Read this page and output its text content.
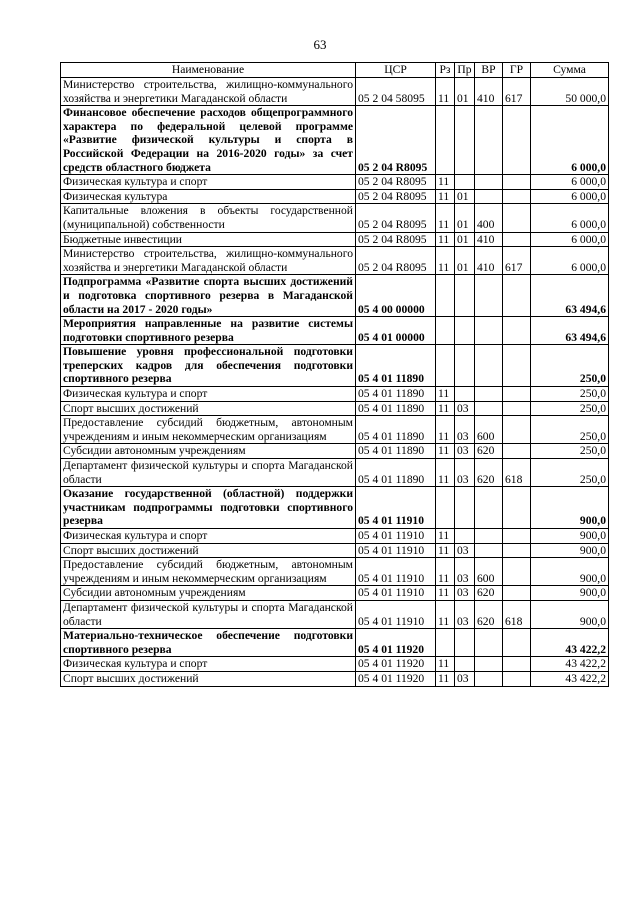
63
Наименование	ЦСР	Рз	Пр	ВР	ГР	Сумма
Министерство строительства, жилищно-коммунального хозяйства и энергетики Магаданской области	05 2 04 58095	11	01	410	617	50 000,0
Финансовое обеспечение расходов общепрограммного характера по федеральной целевой программе «Развитие физической культуры и спорта в Российской Федерации на 2016-2020 годы» за счет средств областного бюджета	05 2 04 R8095					6 000,0
Физическая культура и спорт	05 2 04 R8095	11				6 000,0
Физическая культура	05 2 04 R8095	11	01			6 000,0
Капитальные вложения в объекты государственной (муниципальной) собственности	05 2 04 R8095	11	01	400		6 000,0
Бюджетные инвестиции	05 2 04 R8095	11	01	410		6 000,0
Министерство строительства, жилищно-коммунального хозяйства и энергетики Магаданской области	05 2 04 R8095	11	01	410	617	6 000,0
Подпрограмма «Развитие спорта высших достижений и подготовка спортивного резерва в Магаданской области на 2017 - 2020 годы»	05 4 00 00000					63 494,6
Мероприятия направленные на развитие системы подготовки спортивного резерва	05 4 01 00000					63 494,6
Повышение уровня профессиональной подготовки треперских кадров для обеспечения подготовки спортивного резерва	05 4 01 11890					250,0
Физическая культура и спорт	05 4 01 11890	11				250,0
Спорт высших достижений	05 4 01 11890	11	03			250,0
Предоставление субсидий бюджетным, автономным учреждениям и иным некоммерческим организациям	05 4 01 11890	11	03	600		250,0
Субсидии автономным учреждениям	05 4 01 11890	11	03	620		250,0
Департамент физической культуры и спорта Магаданской области	05 4 01 11890	11	03	620	618	250,0
Оказание государственной (областной) поддержки участникам подпрограммы подготовки спортивного резерва	05 4 01 11910					900,0
Физическая культура и спорт	05 4 01 11910	11				900,0
Спорт высших достижений	05 4 01 11910	11	03			900,0
Предоставление субсидий бюджетным, автономным учреждениям и иным некоммерческим организациям	05 4 01 11910	11	03	600		900,0
Субсидии автономным учреждениям	05 4 01 11910	11	03	620		900,0
Департамент физической культуры и спорта Магаданской области	05 4 01 11910	11	03	620	618	900,0
Материально-техническое обеспечение подготовки спортивного резерва	05 4 01 11920					43 422,2
Физическая культура и спорт	05 4 01 11920	11				43 422,2
Спорт высших достижений	05 4 01 11920	11	03			43 422,2
